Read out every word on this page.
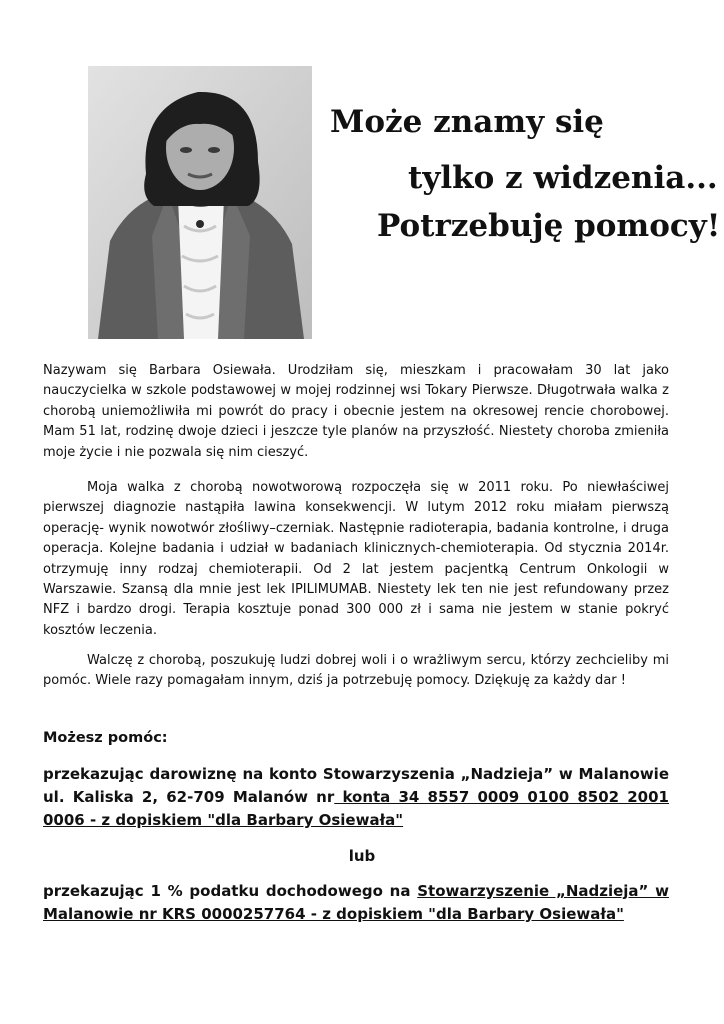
Może znamy się
tylko z widzenia...
Potrzebuję pomocy!

Nazywam się Barbara Osiewała. Urodziłam się, mieszkam i pracowałam 30 lat jako nauczycielka w szkole podstawowej w mojej rodzinnej wsi Tokary Pierwsze. Długotrwała walka z chorobą uniemożliwiła mi powrót do pracy i obecnie jestem na okresowej rencie chorobowej. Mam 51 lat, rodzinę dwoje dzieci i jeszcze tyle planów na przyszłość. Niestety choroba zmieniła moje życie i nie pozwala się nim cieszyć.

Moja walka z chorobą nowotworową rozpoczęła się w 2011 roku. Po niewłaściwej pierwszej diagnozie nastąpiła lawina konsekwencji. W lutym 2012 roku miałam pierwszą operację- wynik nowotwór złośliwy–czerniak. Następnie radioterapia, badania kontrolne, i druga operacja. Kolejne badania i udział w badaniach klinicznych-chemioterapia. Od stycznia 2014r. otrzymuję inny rodzaj chemioterapii. Od 2 lat jestem pacjentką Centrum Onkologii w Warszawie. Szansą dla mnie jest lek IPILIMUMAB. Niestety lek ten nie jest refundowany przez NFZ i bardzo drogi. Terapia kosztuje ponad 300 000 zł i sama nie jestem w stanie pokryć kosztów leczenia.

Walczę z chorobą, poszukuję ludzi dobrej woli i o wrażliwym sercu, którzy zechcieliby mi pomóc. Wiele razy pomagałam innym, dziś ja potrzebuję pomocy. Dziękuję za każdy dar !

Możesz pomóc:

przekazując darowiznę na konto Stowarzyszenia „Nadzieja” w Malanowie ul. Kaliska 2, 62-709 Malanów nr konta 34 8557 0009 0100 8502 2001 0006 - z dopiskiem "dla Barbary Osiewała"

lub

przekazując 1 % podatku dochodowego na Stowarzyszenie „Nadzieja” w Malanowie nr KRS 0000257764 - z dopiskiem "dla Barbary Osiewała"
